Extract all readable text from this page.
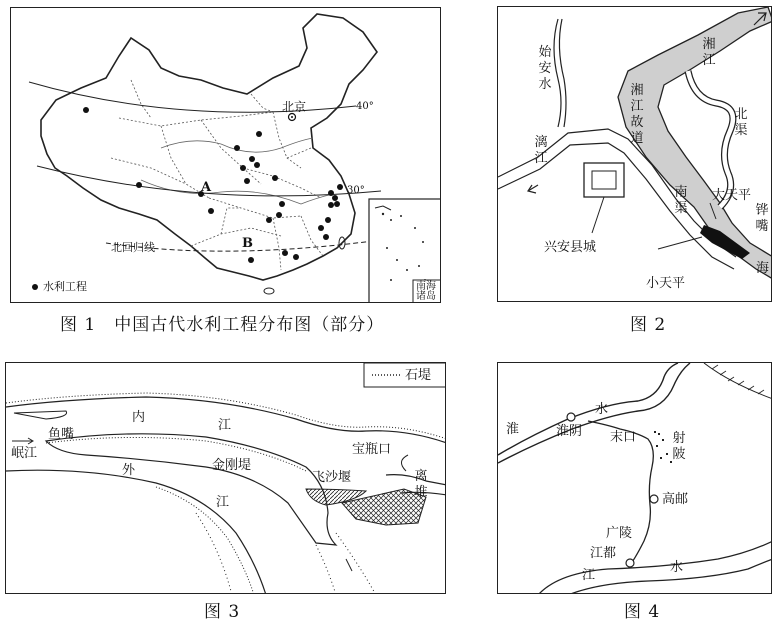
北京	40°
30°
A
B
北回归线
水利工程	南海诸岛
图 1　中国古代水利工程分布图（部分）
始安水
漓江
湘江
湘江故道
北渠
南渠
大天平
铧嘴
海
兴安县城
小天平
图 2
石堤
鱼嘴
岷江
内
江
外
江
金刚堤
宝瓶口
飞沙堰	离堆
图 3
水
淮	淮阴 末口	射陂
高邮
广陵
江都
江
水
图 4
